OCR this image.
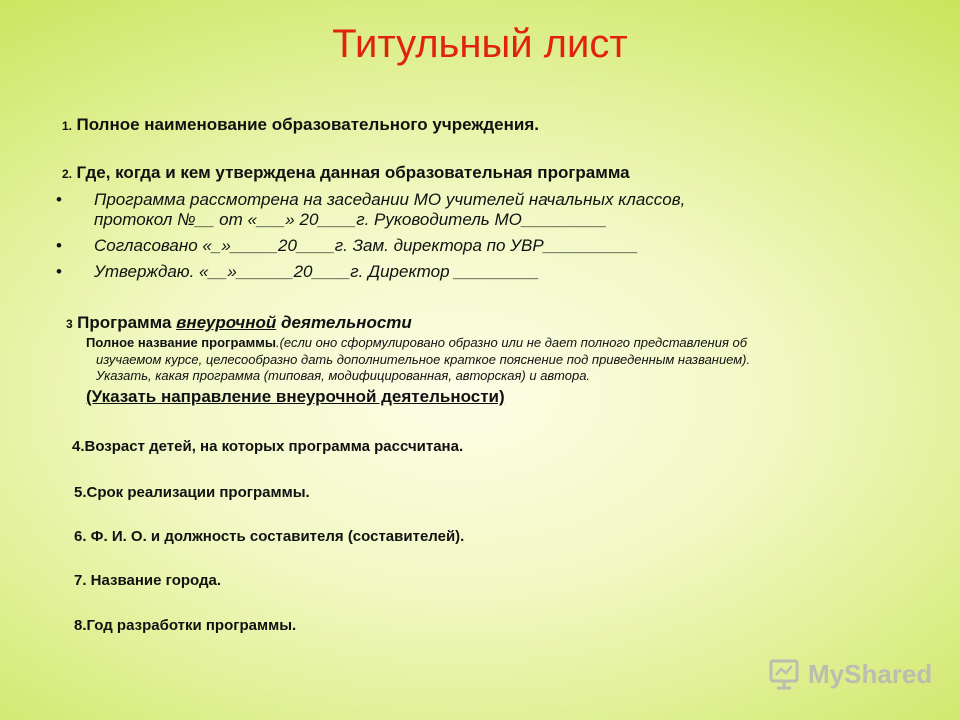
Титульный лист
1. Полное наименование образовательного учреждения.
2. Где, когда и кем утверждена данная образовательная программа
• Программа рассмотрена на заседании МО учителей начальных классов,
протокол №__ от «___» 20____г. Руководитель МО_________
• Согласовано «_»_____20____г. Зам. директора по УВР__________
• Утверждаю. «__»______20____г. Директор _________
3 Программа внеурочной деятельности
Полное название программы.(если оно сформулировано образно или не дает полного представления об
изучаемом курсе, целесообразно дать дополнительное краткое пояснение под приведенным названием).
Указать, какая программа (типовая, модифицированная, авторская) и автора.
(Указать направление внеурочной деятельности)
4.Возраст детей, на которых программа рассчитана.
5.Срок реализации программы.
6. Ф. И. О. и должность составителя (составителей).
7. Название города.
8.Год разработки программы.
MyShared
